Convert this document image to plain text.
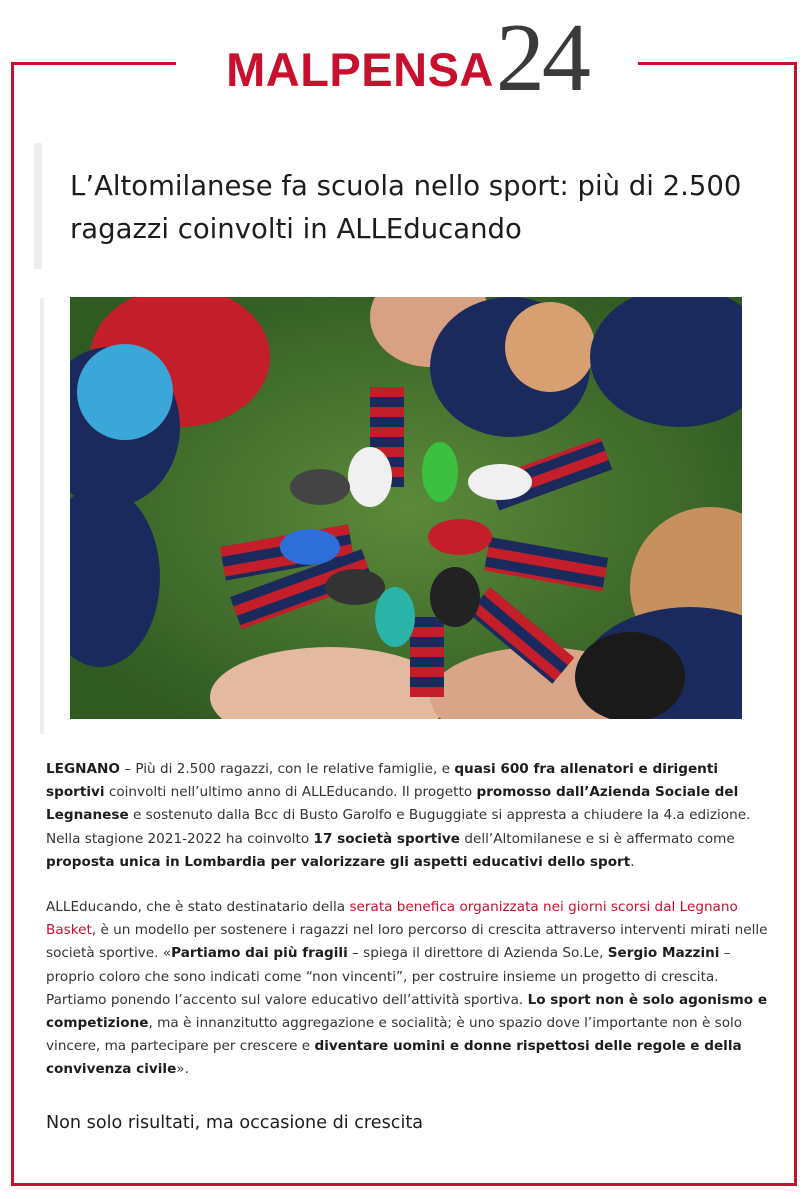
MALPENSA 24
L’Altomilanese fa scuola nello sport: più di 2.500 ragazzi coinvolti in ALLEducando

LEGNANO – Più di 2.500 ragazzi, con le relative famiglie, e quasi 600 fra allenatori e dirigenti sportivi coinvolti nell’ultimo anno di ALLEducando. Il progetto promosso dall’Azienda Sociale del Legnanese e sostenuto dalla Bcc di Busto Garolfo e Buguggiate si appresta a chiudere la 4.a edizione. Nella stagione 2021-2022 ha coinvolto 17 società sportive dell’Altomilanese e si è affermato come proposta unica in Lombardia per valorizzare gli aspetti educativi dello sport.

ALLEducando, che è stato destinatario della serata benefica organizzata nei giorni scorsi dal Legnano Basket, è un modello per sostenere i ragazzi nel loro percorso di crescita attraverso interventi mirati nelle società sportive. «Partiamo dai più fragili – spiega il direttore di Azienda So.Le, Sergio Mazzini – proprio coloro che sono indicati come “non vincenti”, per costruire insieme un progetto di crescita. Partiamo ponendo l’accento sul valore educativo dell’attività sportiva. Lo sport non è solo agonismo e competizione, ma è innanzitutto aggregazione e socialità; è uno spazio dove l’importante non è solo vincere, ma partecipare per crescere e diventare uomini e donne rispettosi delle regole e della convivenza civile».

Non solo risultati, ma occasione di crescita
